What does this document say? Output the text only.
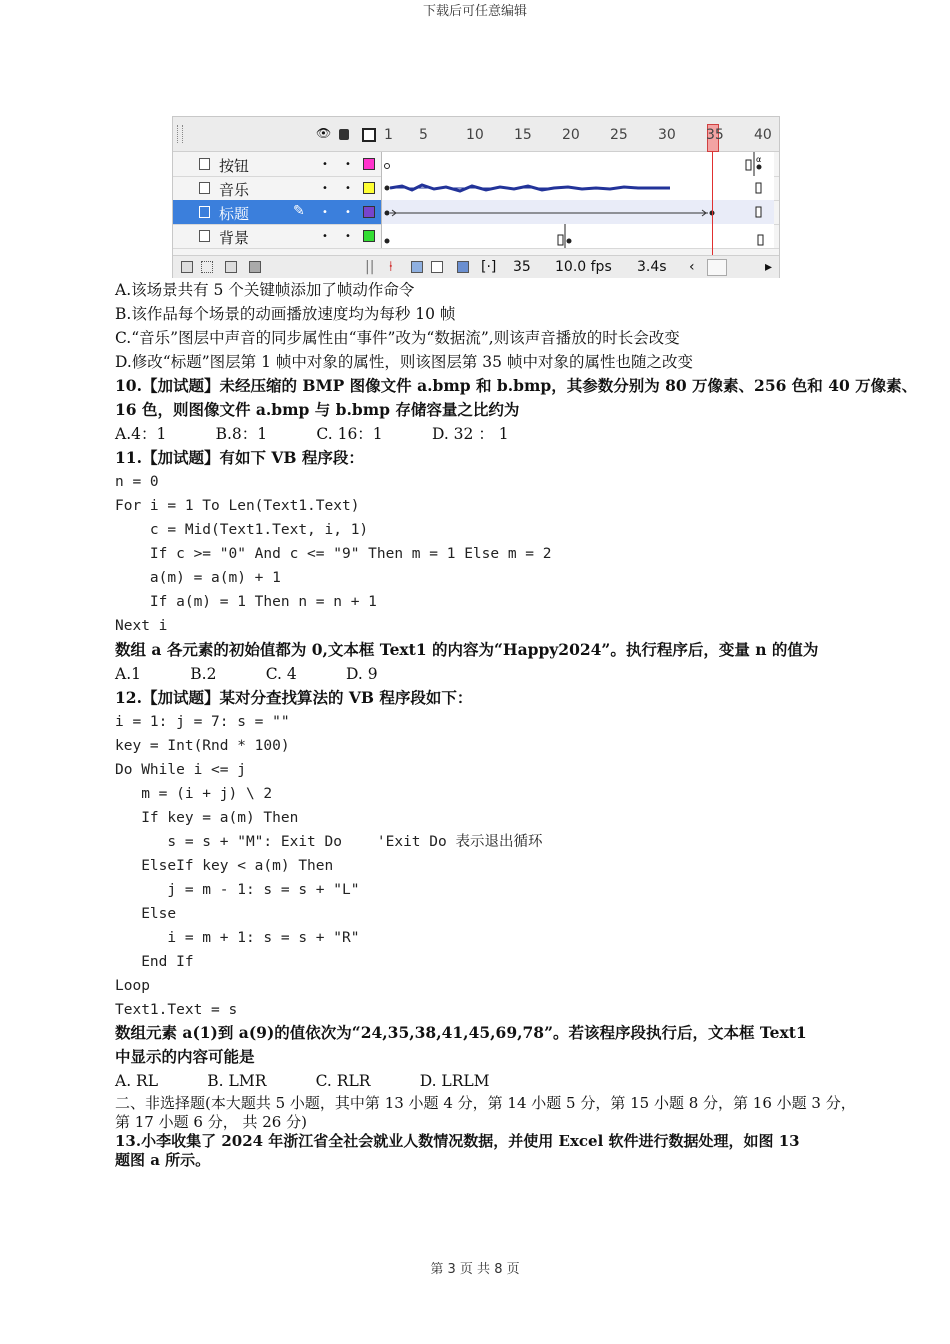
下载后可任意编辑
👁	1 5	10 15 20 25 30 35 40
按钮	• •	α
音乐	• •
标题	✎ • •
背景	• •
|| ⍿	[·] 35 10.0 fps 3.4s ‹	▸
A.该场景共有 5 个关键帧添加了帧动作命令
B.该作品每个场景的动画播放速度均为每秒 10 帧
C.“音乐”图层中声音的同步属性由“事件”改为“数据流”,则该声音播放的时长会改变
D.修改“标题”图层第 1 帧中对象的属性，则该图层第 35 帧中对象的属性也随之改变
10.【加试题】未经压缩的 BMP 图像文件 a.bmp 和 b.bmp，其参数分别为 80 万像素、256 色和 40 万像素、
16 色，则图像文件 a.bmp 与 b.bmp 存储容量之比约为
A.4：1          B.8：1          C. 16：1          D. 32 ： 1
11.【加试题】有如下 VB 程序段：
n = 0
For i = 1 To Len(Text1.Text)
c = Mid(Text1.Text, i, 1)
If c >= "0" And c <= "9" Then m = 1 Else m = 2
a(m) = a(m) + 1
If a(m) = 1 Then n = n + 1
Next i
数组 a 各元素的初始值都为 0,文本框 Text1 的内容为“Happy2024”。执行程序后，变量 n 的值为
A.1          B.2          C. 4          D. 9
12.【加试题】某对分查找算法的 VB 程序段如下：
i = 1: j = 7: s = ""
key = Int(Rnd * 100)
Do While i <= j
m = (i + j) \ 2
If key = a(m) Then
s = s + "M": Exit Do    'Exit Do 表示退出循环
ElseIf key < a(m) Then
j = m - 1: s = s + "L"
Else
i = m + 1: s = s + "R"
End If
Loop
Text1.Text = s
数组元素 a(1)到 a(9)的值依次为“24,35,38,41,45,69,78”。若该程序段执行后，文本框 Text1
中显示的内容可能是
A. RL          B. LMR          C. RLR          D. LRLM
二、非选择题(本大题共 5 小题，其中第 13 小题 4 分，第 14 小题 5 分，第 15 小题 8 分，第 16 小题 3 分，
第 17 小题 6 分， 共 26 分)
13.小李收集了 2024 年浙江省全社会就业人数情况数据，并使用 Excel 软件进行数据处理，如图 13
题图 a 所示。
第 3 页 共 8 页
